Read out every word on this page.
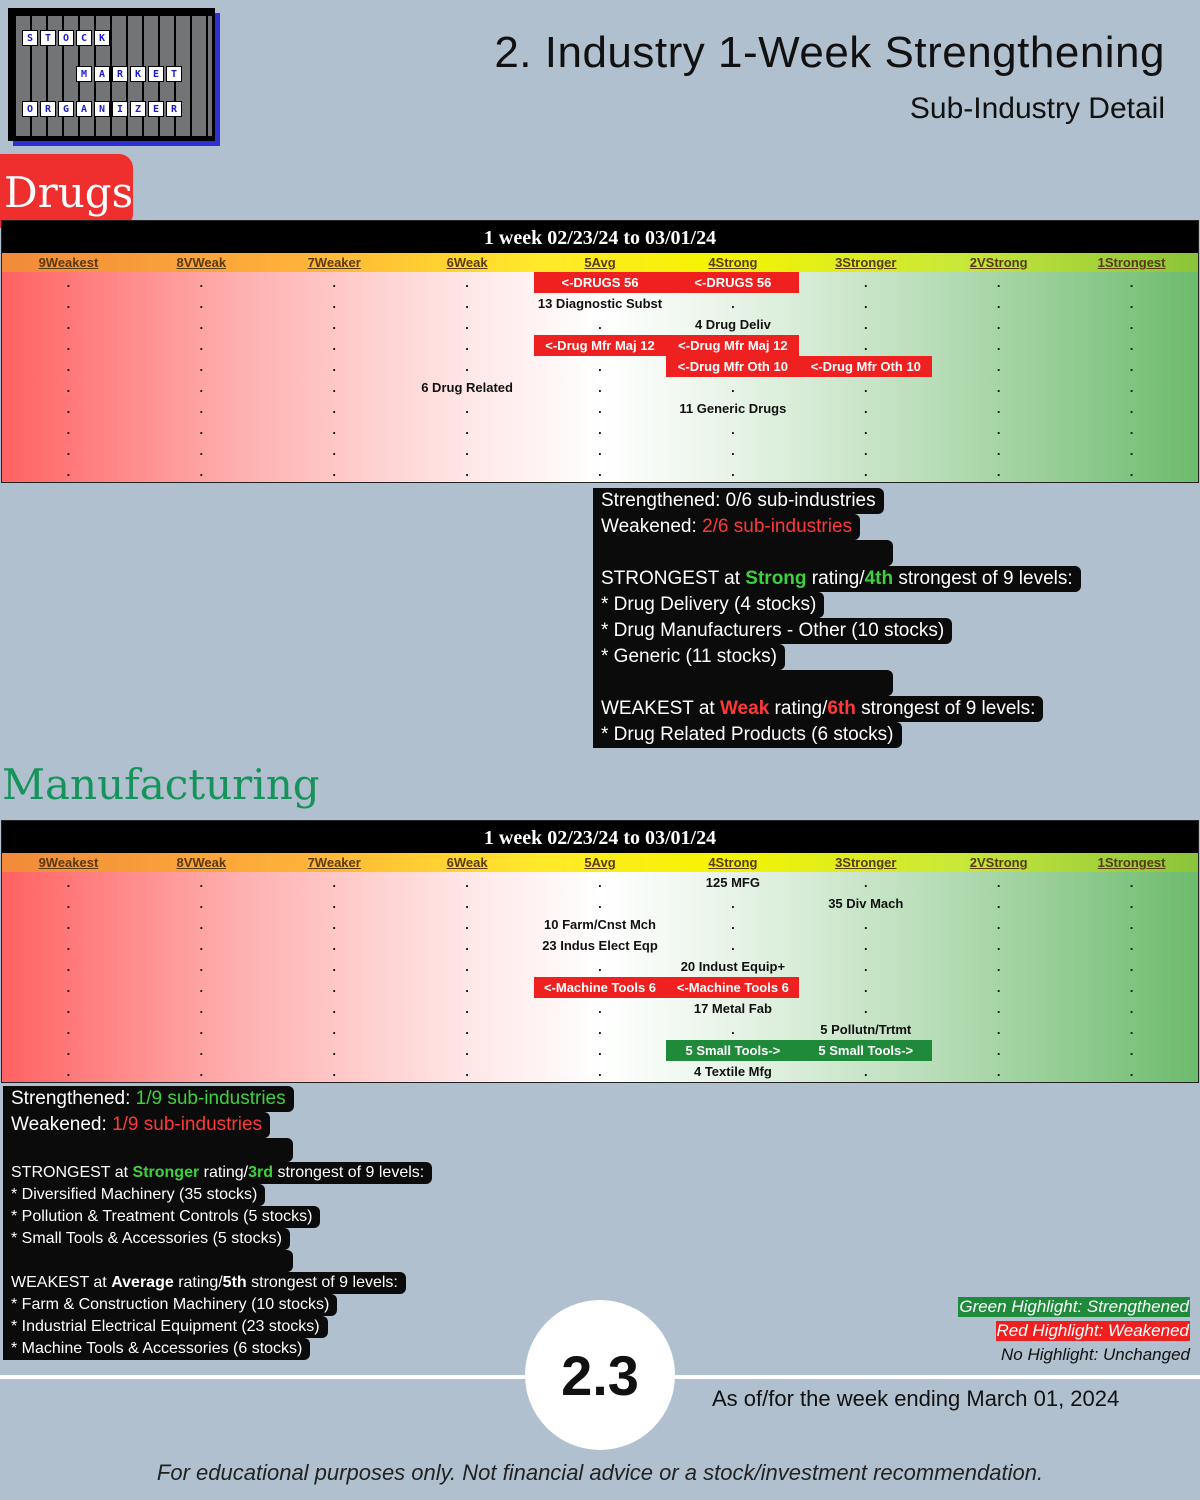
S	T	O	C	K
M	A	R	K	E	T
O	R	G	A	N	I	Z	E	R
2. Industry 1-Week Strengthening
Sub-Industry Detail
Drugs
1 week 02/23/24 to 03/01/24
9Weakest	8VWeak	7Weaker	6Weak	5Avg	4Strong	3Stronger	2VStrong	1Strongest
.	.	.	.	<-DRUGS 56	<-DRUGS 56	.	.	.
.	.	.	.	13 Diagnostic Subst	.	.	.	.
.	.	.	.	.	4 Drug Deliv	.	.	.
.	.	.	.	<-Drug Mfr Maj 12	<-Drug Mfr Maj 12	.	.	.
.	.	.	.	.	<-Drug Mfr Oth 10	<-Drug Mfr Oth 10	.	.
.	.	.	6 Drug Related	.	.	.	.	.
.	.	.	.	.	11 Generic Drugs	.	.	.
.	.	.	.	.	.	.	.	.
.	.	.	.	.	.	.	.	.
.	.	.	.	.	.	.	.	.
Strengthened: 0/6 sub-industries
Weakened: 2/6 sub-industries
STRONGEST at Strong rating/4th strongest of 9 levels:
* Drug Delivery (4 stocks)
* Drug Manufacturers - Other (10 stocks)
* Generic (11 stocks)
WEAKEST at Weak rating/6th strongest of 9 levels:
* Drug Related Products (6 stocks)
Manufacturing
1 week 02/23/24 to 03/01/24
9Weakest	8VWeak	7Weaker	6Weak	5Avg	4Strong	3Stronger	2VStrong	1Strongest
.	.	.	.	.	125 MFG	.	.	.
.	.	.	.	.	.	35 Div Mach	.	.
.	.	.	.	10 Farm/Cnst Mch	.	.	.	.
.	.	.	.	23 Indus Elect Eqp	.	.	.	.
.	.	.	.	.	20 Indust Equip+	.	.	.
.	.	.	.	<-Machine Tools 6	<-Machine Tools 6	.	.	.
.	.	.	.	.	17 Metal Fab	.	.	.
.	.	.	.	.	.	5 Pollutn/Trtmt	.	.
.	.	.	.	.	5 Small Tools->	5 Small Tools->	.	.
.	.	.	.	.	4 Textile Mfg	.	.	.
Strengthened: 1/9 sub-industries
Weakened: 1/9 sub-industries
STRONGEST at Stronger rating/3rd strongest of 9 levels:
* Diversified Machinery (35 stocks)
* Pollution & Treatment Controls (5 stocks)
* Small Tools & Accessories (5 stocks)
WEAKEST at Average rating/5th strongest of 9 levels:
* Farm & Construction Machinery (10 stocks)
* Industrial Electrical Equipment (23 stocks)
* Machine Tools & Accessories (6 stocks)
Green Highlight: Strengthened
Red Highlight: Weakened
No Highlight: Unchanged
2.3	As of/for the week ending March 01, 2024
For educational purposes only. Not financial advice or a stock/investment recommendation.
